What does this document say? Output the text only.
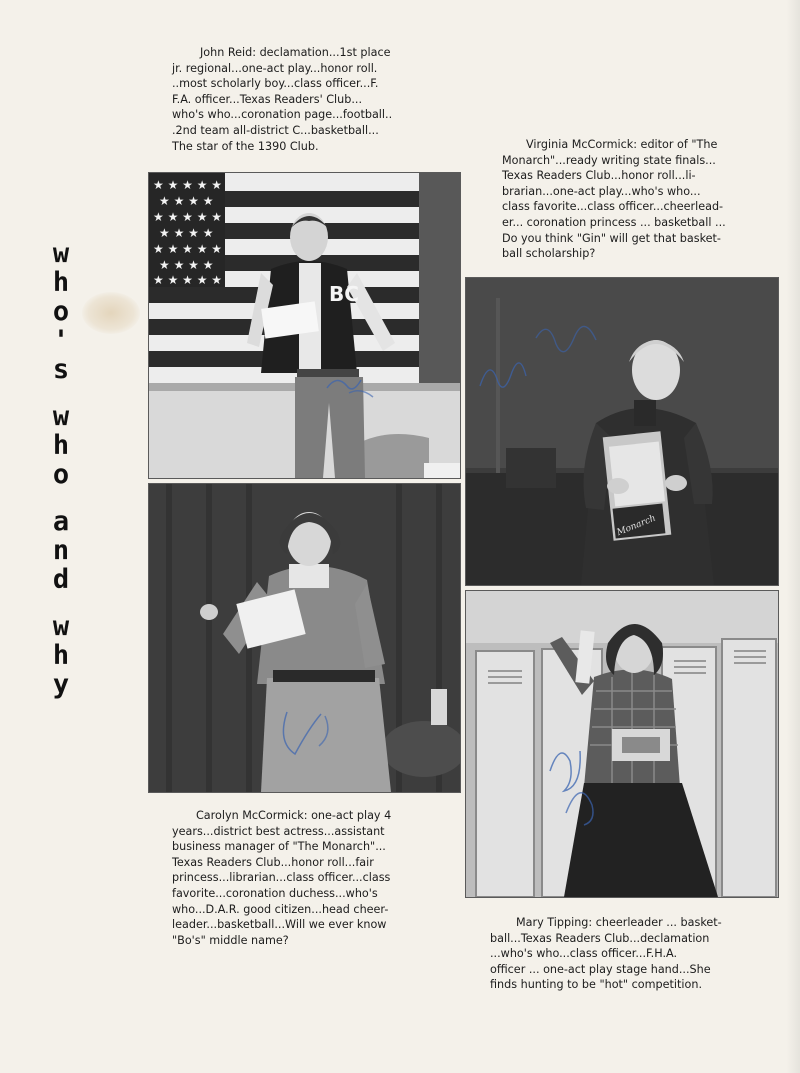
who's
who
and
why
John Reid: declamation...1st place
jr. regional...one-act play...honor roll.
..most scholarly boy...class officer...F.
F.A. officer...Texas Readers' Club...
who's who...coronation page...football..
.2nd team all-district C...basketball...
The star of the 1390 Club.	Virginia McCormick: editor of "The
Monarch"...ready writing state finals...
Texas Readers Club...honor roll...li-
brarian...one-act play...who's who...
class favorite...class officer...cheerlead-
er... coronation princess ... basketball ...
Do you think "Gin" will get that basket-
ball scholarship?
★ ★ ★ ★ ★
★ ★ ★ ★
★ ★ ★ ★ ★
★ ★ ★ ★
★ ★ ★ ★ ★
★ ★ ★ ★
★ ★ ★ ★ ★
BC
Monarch
Carolyn McCormick: one-act play 4
years...district best actress...assistant
business manager of "The Monarch"...
Texas Readers Club...honor roll...fair
princess...librarian...class officer...class
favorite...coronation duchess...who's
who...D.A.R. good citizen...head cheer-
leader...basketball...Will we ever know
"Bo's" middle name?
Mary Tipping: cheerleader ... basket-
ball...Texas Readers Club...declamation
...who's who...class officer...F.H.A.
officer ... one-act play stage hand...She
finds hunting to be "hot" competition.
